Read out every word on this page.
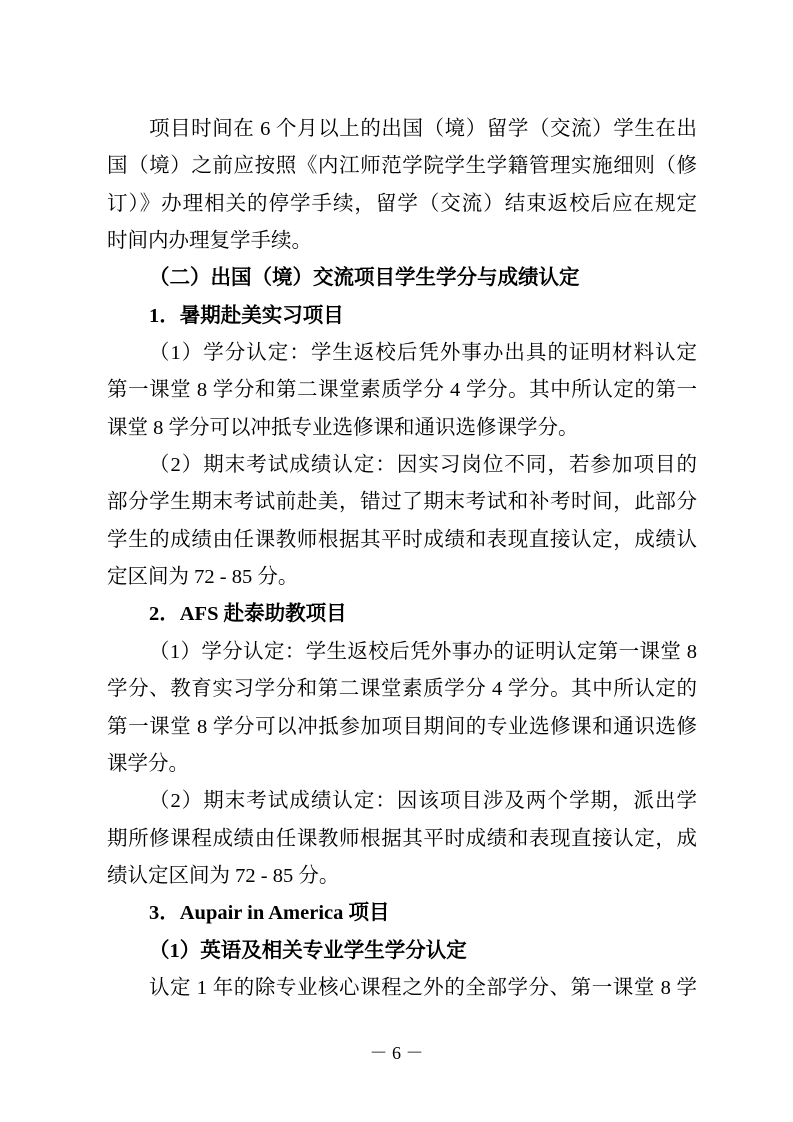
项目时间在 6 个月以上的出国（境）留学（交流）学生在出
国（境）之前应按照《内江师范学院学生学籍管理实施细则（修
订）》办理相关的停学手续，留学（交流）结束返校后应在规定
时间内办理复学手续。
（二）出国（境）交流项目学生学分与成绩认定
1．暑期赴美实习项目
（1）学分认定：学生返校后凭外事办出具的证明材料认定
第一课堂 8 学分和第二课堂素质学分 4 学分。其中所认定的第一
课堂 8 学分可以冲抵专业选修课和通识选修课学分。
（2）期末考试成绩认定：因实习岗位不同，若参加项目的
部分学生期末考试前赴美，错过了期末考试和补考时间，此部分
学生的成绩由任课教师根据其平时成绩和表现直接认定，成绩认
定区间为 72 - 85 分。
2．AFS 赴泰助教项目
（1）学分认定：学生返校后凭外事办的证明认定第一课堂 8
学分、教育实习学分和第二课堂素质学分 4 学分。其中所认定的
第一课堂 8 学分可以冲抵参加项目期间的专业选修课和通识选修
课学分。
（2）期末考试成绩认定：因该项目涉及两个学期，派出学
期所修课程成绩由任课教师根据其平时成绩和表现直接认定，成
绩认定区间为 72 - 85 分。
3．Aupair in America 项目
（1）英语及相关专业学生学分认定
认定 1 年的除专业核心课程之外的全部学分、第一课堂 8 学
－ 6 －
